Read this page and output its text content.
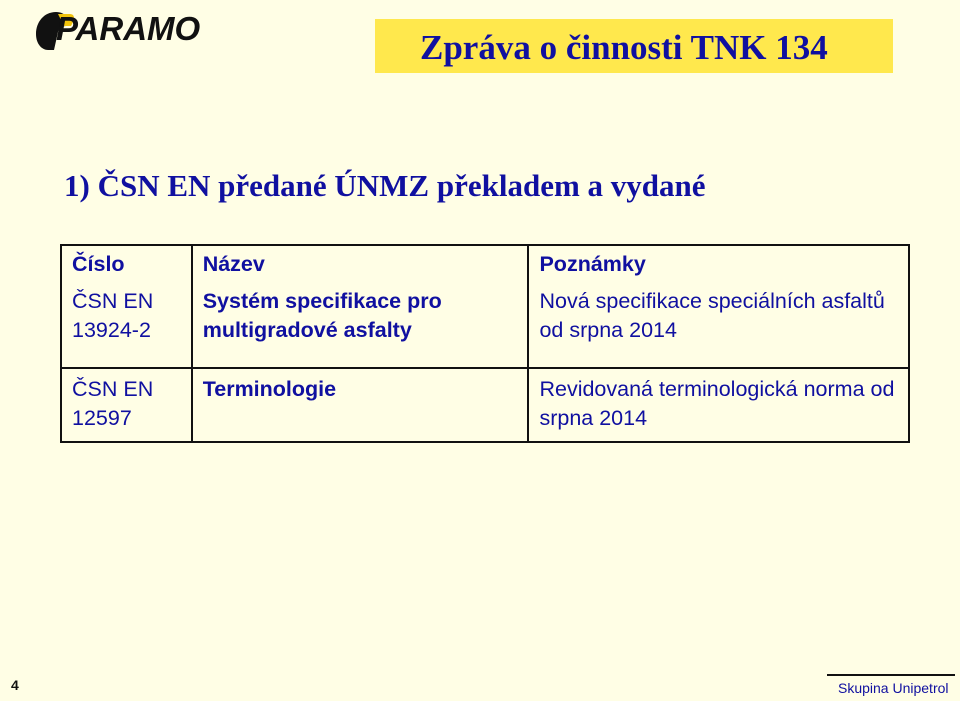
PARAMO	Zpráva o činnosti TNK 134
1) ČSN EN předané ÚNMZ překladem a vydané
Číslo	Název	Poznámky
ČSN EN 13924-2	Systém specifikace pro multigradové asfalty	Nová specifikace speciálních asfaltů od srpna 2014
ČSN EN 12597	Terminologie	Revidovaná terminologická norma od srpna 2014
4	Skupina Unipetrol
